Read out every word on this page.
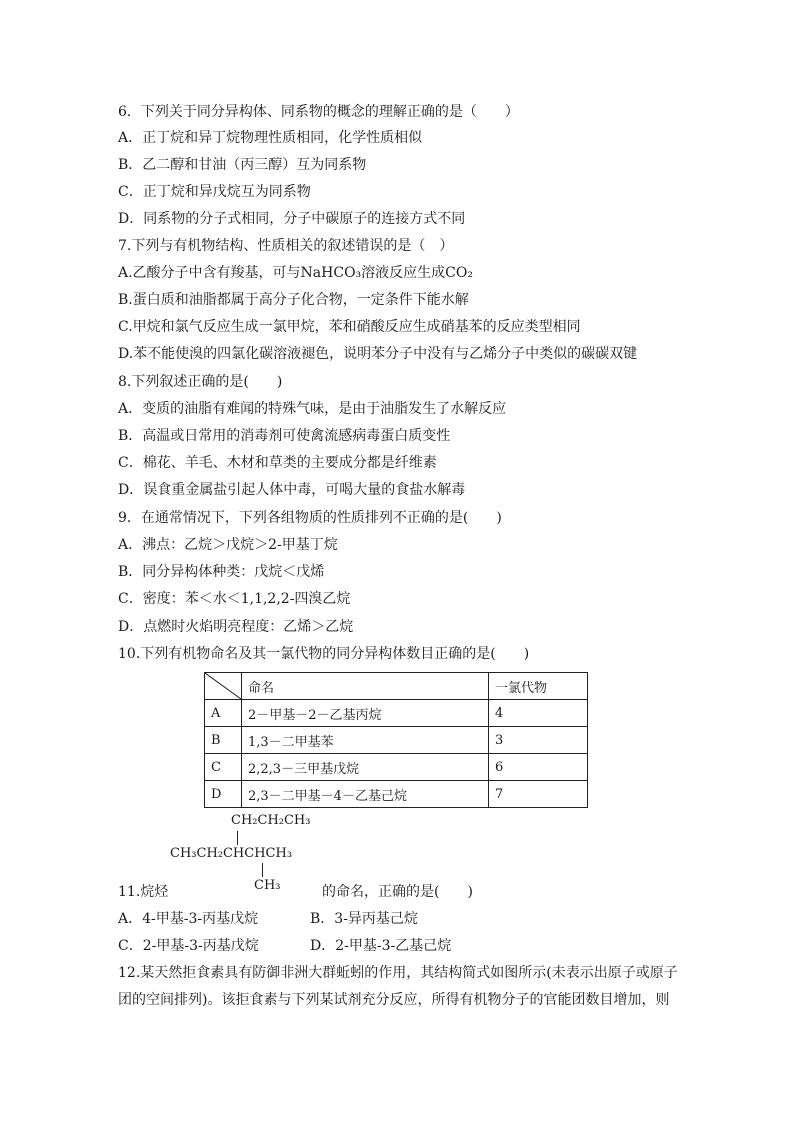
6．下列关于同分异构体、同系物的概念的理解正确的是（　　）
A．正丁烷和异丁烷物理性质相同，化学性质相似
B．乙二醇和甘油（丙三醇）互为同系物
C．正丁烷和异戊烷互为同系物
D．同系物的分子式相同，分子中碳原子的连接方式不同
7.下列与有机物结构、性质相关的叙述错误的是（　）
A.乙酸分子中含有羧基，可与NaHCO₃溶液反应生成CO₂
B.蛋白质和油脂都属于高分子化合物，一定条件下能水解
C.甲烷和氯气反应生成一氯甲烷，苯和硝酸反应生成硝基苯的反应类型相同
D.苯不能使溴的四氯化碳溶液褪色，说明苯分子中没有与乙烯分子中类似的碳碳双键
8.下列叙述正确的是(　　)
A．变质的油脂有难闻的特殊气味，是由于油脂发生了水解反应
B．高温或日常用的消毒剂可使禽流感病毒蛋白质变性
C．棉花、羊毛、木材和草类的主要成分都是纤维素
D．误食重金属盐引起人体中毒，可喝大量的食盐水解毒
9．在通常情况下，下列各组物质的性质排列不正确的是(　　)
A．沸点：乙烷＞戊烷＞2-甲基丁烷
B．同分异构体种类：戊烷＜戊烯
C．密度：苯＜水＜1,1,2,2-四溴乙烷
D．点燃时火焰明亮程度：乙烯＞乙烷
10.下列有机物命名及其一氯代物的同分异构体数目正确的是(　　)
	命名	一氯代物
A	2－甲基－2－乙基丙烷	4
B	1,3－二甲基苯	3
C	2,2,3－三甲基戊烷	6
D	2,3－二甲基－4－乙基己烷	7
CH₂CH₂CH₃
CH₃CH₂CHCHCH₃
CH₃
11.烷烃	的命名，正确的是(　　)
A．4-甲基-3-丙基戊烷	B．3-异丙基己烷
C．2-甲基-3-丙基戊烷	D．2-甲基-3-乙基己烷
12.某天然拒食素具有防御非洲大群蚯蚓的作用，其结构简式如图所示(未表示出原子或原子
团的空间排列)。该拒食素与下列某试剂充分反应，所得有机物分子的官能团数目增加，则
